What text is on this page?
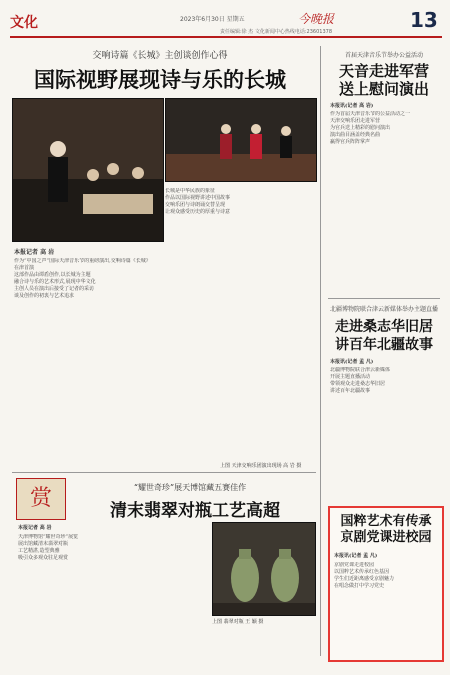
文化	2023年6月30日 星期五	今晚报	13
责任编辑:徐 杰 文化新闻中心热线电话:23601378
交响诗篇《长城》主创谈创作心得
国际视野展现诗与乐的长城
本报记者 高 岩
作为“中国之声”国际天津音乐节的重磅演出,交响诗篇《长城》在津首演
这部作品由谭盾创作,以长城为主题
融合诗与乐的艺术形式,展现中华文化
主创人员在演出后接受了记者的采访
谈及创作的初衷与艺术追求
长城是中华民族的象征
作品以国际视野讲述中国故事
交响乐团与诗朗诵交替呈现
让观众感受历史的厚重与诗意
上图 天津交响乐团演出现场 高 岩 摄
首届天津音乐节举办公益活动
天音走进军营
送上慰问演出
本报讯(记者 高 岩)
作为首届天津音乐节的公益活动之一
天津交响乐团走进军营
为官兵送上精彩的慰问演出
演出曲目涵盖经典名曲
赢得官兵阵阵掌声
北疆博物院联合津云新媒体举办主题直播
走进桑志华旧居
讲百年北疆故事
本报讯(记者 孟 凡)
北疆博物院联合津云新媒体
开展主题直播活动
带领观众走进桑志华旧居
讲述百年北疆故事
赏	“耀世奇珍”展天博馆藏五赛佳作
清末翡翠对瓶工艺高超
本报记者 高 岩
天津博物馆“耀世奇珍”展览
展出馆藏清末翡翠对瓶
工艺精湛,造型典雅
吸引众多观众驻足观赏
上图 翡翠对瓶 王 颖 摄
国粹艺术有传承
京剧党课进校园
本报讯(记者 孟 凡)
京剧党课走进校园
以国粹艺术传承红色基因
学生们近距离感受京剧魅力
在唱念做打中学习党史
